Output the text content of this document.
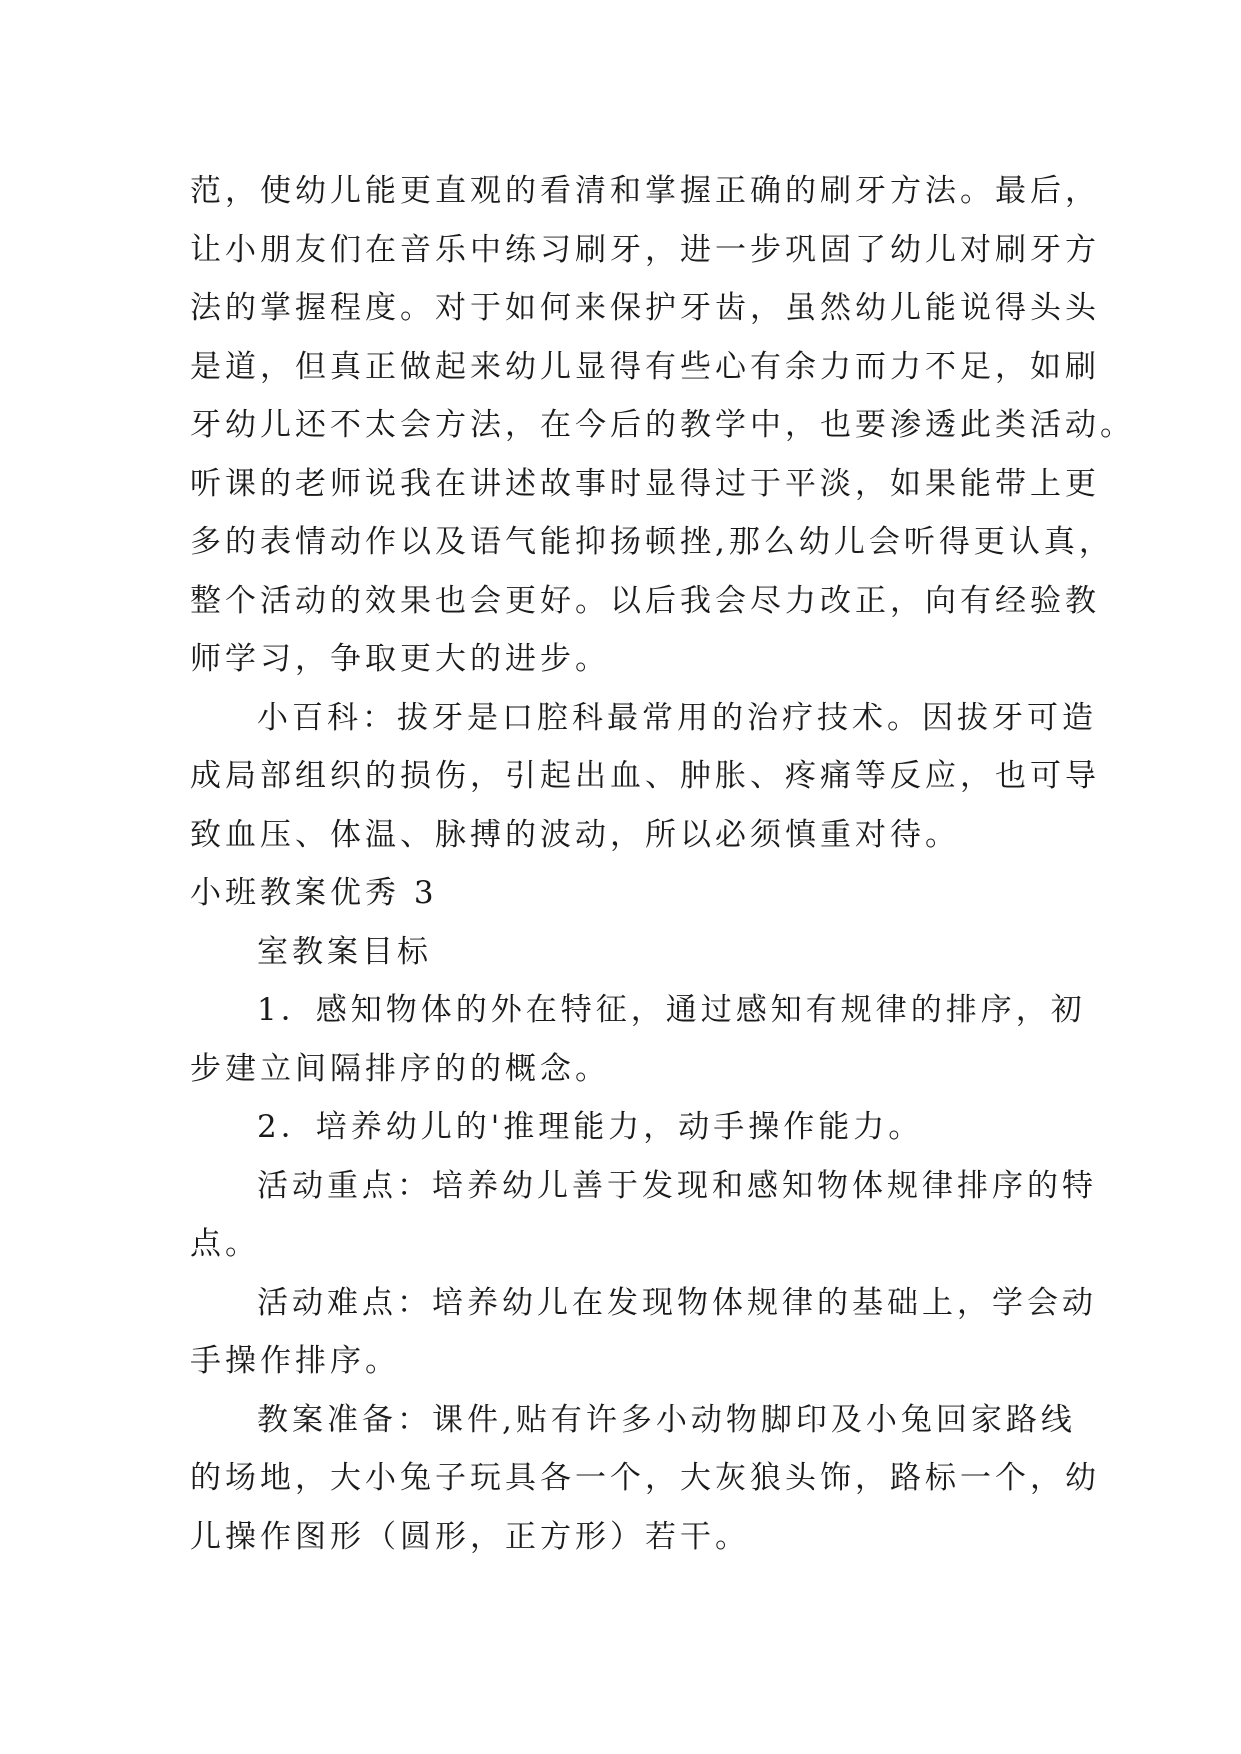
范，使幼儿能更直观的看清和掌握正确的刷牙方法。最后，
让小朋友们在音乐中练习刷牙，进一步巩固了幼儿对刷牙方
法的掌握程度。对于如何来保护牙齿，虽然幼儿能说得头头
是道，但真正做起来幼儿显得有些心有余力而力不足，如刷
牙幼儿还不太会方法，在今后的教学中，也要渗透此类活动。
听课的老师说我在讲述故事时显得过于平淡，如果能带上更
多的表情动作以及语气能抑扬顿挫,那么幼儿会听得更认真，
整个活动的效果也会更好。以后我会尽力改正，向有经验教
师学习，争取更大的进步。
小百科：拔牙是口腔科最常用的治疗技术。因拔牙可造
成局部组织的损伤，引起出血、肿胀、疼痛等反应，也可导
致血压、体温、脉搏的波动，所以必须慎重对待。
小班教案优秀 3
室教案目标
1．感知物体的外在特征，通过感知有规律的排序，初
步建立间隔排序的的概念。
2．培养幼儿的'推理能力，动手操作能力。
活动重点：培养幼儿善于发现和感知物体规律排序的特
点。
活动难点：培养幼儿在发现物体规律的基础上，学会动
手操作排序。
教案准备：课件,贴有许多小动物脚印及小兔回家路线
的场地，大小兔子玩具各一个，大灰狼头饰，路标一个，幼
儿操作图形（圆形，正方形）若干。
